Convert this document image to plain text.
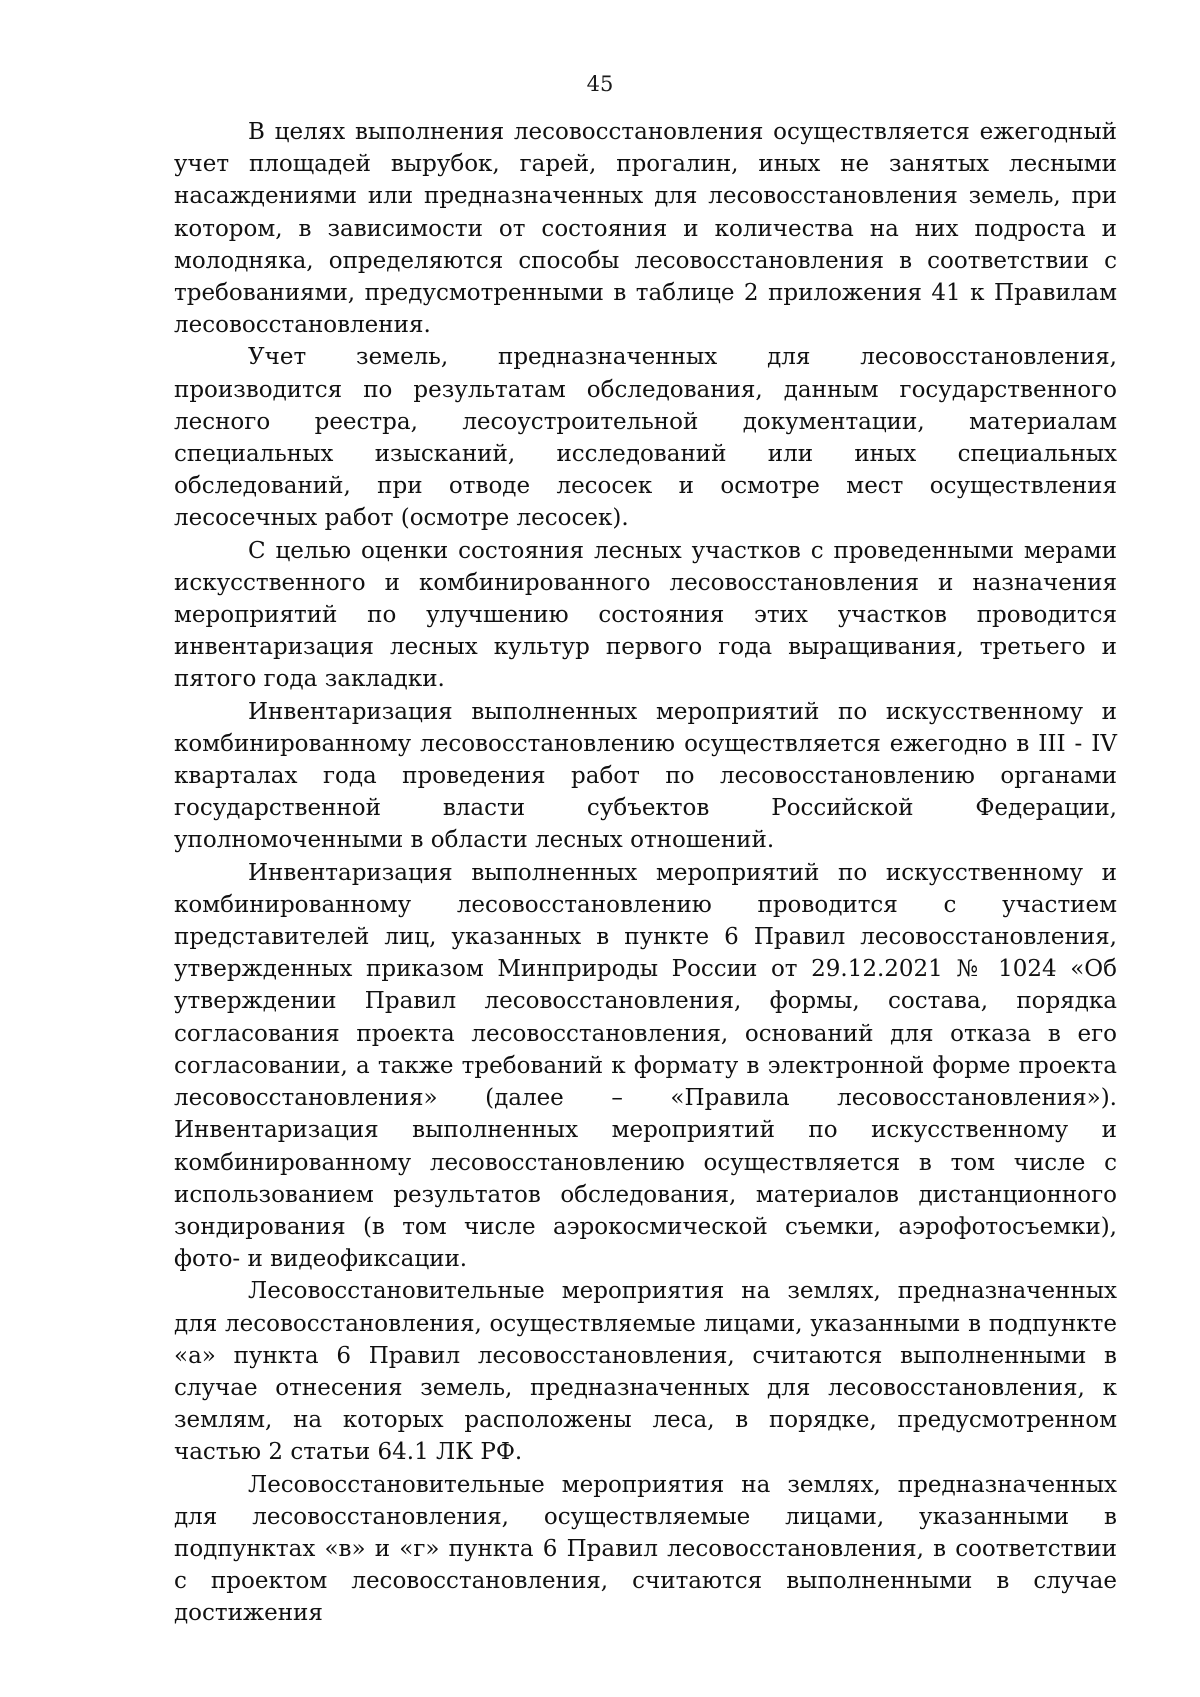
45

В целях выполнения лесовосстановления осуществляется ежегодный учет площадей вырубок, гарей, прогалин, иных не занятых лесными насаждениями или предназначенных для лесовосстановления земель, при котором, в зависимости от состояния и количества на них подроста и молодняка, определяются способы лесовосстановления в соответствии с требованиями, предусмотренными в таблице 2 приложения 41 к Правилам лесовосстановления.

Учет земель, предназначенных для лесовосстановления, производится по результатам обследования, данным государственного лесного реестра, лесоустроительной документации, материалам специальных изысканий, исследований или иных специальных обследований, при отводе лесосек и осмотре мест осуществления лесосечных работ (осмотре лесосек).

С целью оценки состояния лесных участков с проведенными мерами искусственного и комбинированного лесовосстановления и назначения мероприятий по улучшению состояния этих участков проводится инвентаризация лесных культур первого года выращивания, третьего и пятого года закладки.

Инвентаризация выполненных мероприятий по искусственному и комбинированному лесовосстановлению осуществляется ежегодно в III - IV кварталах года проведения работ по лесовосстановлению органами государственной власти субъектов Российской Федерации, уполномоченными в области лесных отношений.

Инвентаризация выполненных мероприятий по искусственному и комбинированному лесовосстановлению проводится с участием представителей лиц, указанных в пункте 6 Правил лесовосстановления, утвержденных приказом Минприроды России от 29.12.2021 № 1024 «Об утверждении Правил лесовосстановления, формы, состава, порядка согласования проекта лесовосстановления, оснований для отказа в его согласовании, а также требований к формату в электронной форме проекта лесовосстановления» (далее – «Правила лесовосстановления»). Инвентаризация выполненных мероприятий по искусственному и комбинированному лесовосстановлению осуществляется в том числе с использованием результатов обследования, материалов дистанционного зондирования (в том числе аэрокосмической съемки, аэрофотосъемки), фото- и видеофиксации.

Лесовосстановительные мероприятия на землях, предназначенных для лесовосстановления, осуществляемые лицами, указанными в подпункте «а» пункта 6 Правил лесовосстановления, считаются выполненными в случае отнесения земель, предназначенных для лесовосстановления, к землям, на которых расположены леса, в порядке, предусмотренном частью 2 статьи 64.1 ЛК РФ.

Лесовосстановительные мероприятия на землях, предназначенных для лесовосстановления, осуществляемые лицами, указанными в подпунктах «в» и «г» пункта 6 Правил лесовосстановления, в соответствии с проектом лесовосстановления, считаются выполненными в случае достижения
